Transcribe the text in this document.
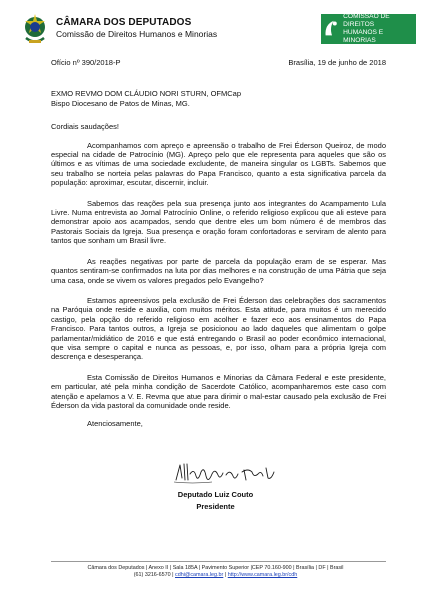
CÂMARA DOS DEPUTADOS
Comissão de Direitos Humanos e Minorias
COMISSÃO DE DIREITOS
HUMANOS E MINORIAS
Ofício nº 390/2018-P	Brasília, 19 de junho de 2018
EXMO REVMO DOM CLÁUDIO NORI STURN, OFMCap
Bispo Diocesano de Patos de Minas, MG.
Cordiais saudações!

Acompanhamos com apreço e apreensão o trabalho de Frei Éderson Queiroz, de modo especial na cidade de Patrocínio (MG). Apreço pelo que ele representa para aqueles que são os últimos e as vítimas de uma sociedade excludente, de maneira singular os LGBTs. Sabemos que seu trabalho se norteia pelas palavras do Papa Francisco, quanto a esta significativa parcela da população: aproximar, escutar, discernir, incluir.

Sabemos das reações pela sua presença junto aos integrantes do Acampamento Lula Livre. Numa entrevista ao Jornal Patrocínio Online, o referido religioso explicou que ali esteve para demonstrar apoio aos acampados, sendo que dentre eles um bom número é de membros das Pastorais Sociais da Igreja. Sua presença e oração foram confortadoras e serviram de alento para tantos que sonham um Brasil livre.

As reações negativas por parte de parcela da população eram de se esperar. Mas quantos sentiram-se confirmados na luta por dias melhores e na construção de uma Pátria que seja uma casa, onde se vivem os valores pregados pelo Evangelho?

Estamos apreensivos pela exclusão de Frei Éderson das celebrações dos sacramentos na Paróquia onde reside e auxilia, com muitos méritos. Esta atitude, para muitos é um merecido castigo, pela opção do referido religioso em acolher e fazer eco aos ensinamentos do Papa Francisco. Para tantos outros, a Igreja se posicionou ao lado daqueles que alimentam o golpe parlamentar/midiático de 2016 e que está entregando o Brasil ao poder econômico internacional, que visa sempre o capital e nunca as pessoas, e, por isso, olham para a própria Igreja com descrença e desesperança.

Esta Comissão de Direitos Humanos e Minorias da Câmara Federal e este presidente, em particular, até pela minha condição de Sacerdote Católico, acompanharemos este caso com atenção e apelamos a V. E. Revma que atue para dirimir o mal-estar causado pela exclusão de Frei Éderson da vida pastoral da comunidade onde reside.

Atenciosamente,
Deputado Luiz Couto
Presidente
Câmara dos Deputados | Anexo II | Sala 185A | Pavimento Superior |CEP 70.160-900 | Brasília | DF | Brasil
(61) 3216-6570 | cdhi@camara.leg.br | http://www.camara.leg.br/cdh
